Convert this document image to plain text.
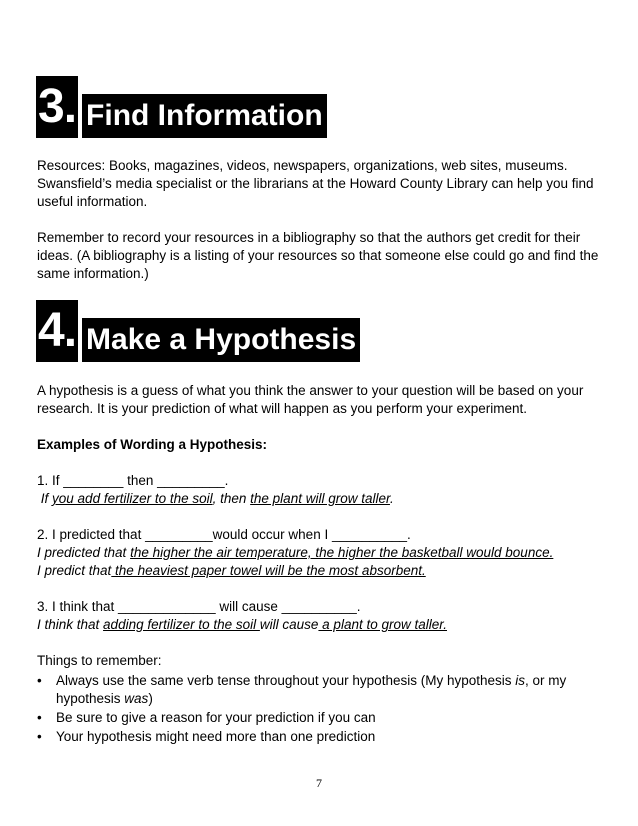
3. Find Information

Resources: Books, magazines, videos, newspapers, organizations, web sites, museums.
Swansfield’s media specialist or the librarians at the Howard County Library can help you find
useful information.

Remember to record your resources in a bibliography so that the authors get credit for their
ideas. (A bibliography is a listing of your resources so that someone else could go and find the
same information.)

4. Make a Hypothesis

A hypothesis is a guess of what you think the answer to your question will be based on your
research. It is your prediction of what will happen as you perform your experiment.

Examples of Wording a Hypothesis:

1. If ________ then _________.
If you add fertilizer to the soil, then the plant will grow taller.

2. I predicted that _________would occur when I __________.
I predicted that the higher the air temperature, the higher the basketball would bounce.
I predict that the heaviest paper towel will be the most absorbent.

3. I think that _____________ will cause __________.
I think that adding fertilizer to the soil will cause a plant to grow taller.

Things to remember:

• Always use the same verb tense throughout your hypothesis (My hypothesis is, or my hypothesis was)
• Be sure to give a reason for your prediction if you can
• Your hypothesis might need more than one prediction
7
